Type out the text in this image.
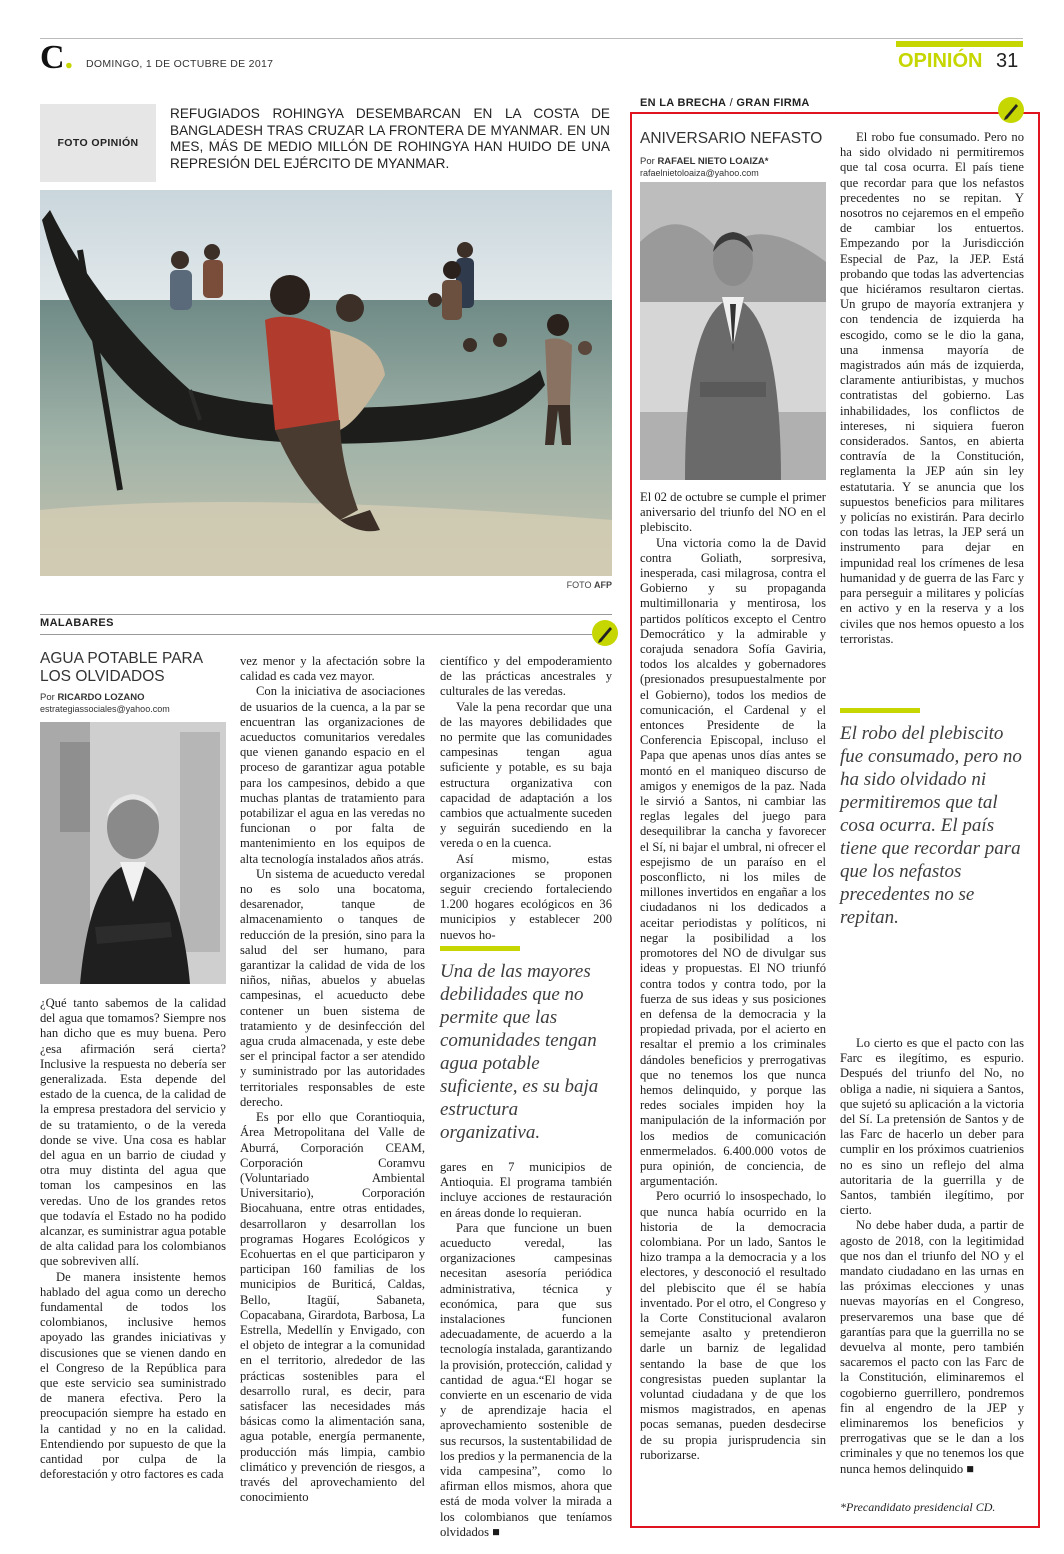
C. DOMINGO, 1 DE OCTUBRE DE 2017	OPINIÓN 31
FOTO OPINIÓN
REFUGIADOS ROHINGYA DESEMBARCAN EN LA COSTA DE BANGLADESH TRAS CRUZAR LA FRONTERA DE MYANMAR. EN UN MES, MÁS DE MEDIO MILLÓN DE ROHINGYA HAN HUIDO DE UNA REPRESIÓN DEL EJÉRCITO DE MYANMAR.
FOTO AFP
MALABARES
AGUA POTABLE PARA LOS OLVIDADOS
Por RICARDO LOZANO
estrategiassociales@yahoo.com

¿Qué tanto sabemos de la calidad del agua que tomamos? Siempre nos han dicho que es muy buena. Pero ¿esa afirmación será cierta? Inclusive la respuesta no debería ser generalizada. Esta depende del estado de la cuenca, de la calidad de la empresa prestadora del servicio y de su tratamiento, o de la vereda donde se vive. Una cosa es hablar del agua en un barrio de ciudad y otra muy distinta del agua que toman los campesinos en las veredas. Uno de los grandes retos que todavía el Estado no ha podido alcanzar, es suministrar agua potable de alta calidad para los colombianos que sobreviven allí.

De manera insistente hemos hablado del agua como un derecho fundamental de todos los colombianos, inclusive hemos apoyado las grandes iniciativas y discusiones que se vienen dando en el Congreso de la República para que este servicio sea suministrado de manera efectiva. Pero la preocupación siempre ha estado en la cantidad y no en la calidad. Entendiendo por supuesto de que la cantidad por culpa de la deforestación y otro factores es cada

vez menor y la afectación sobre la calidad es cada vez mayor.

Con la iniciativa de asociaciones de usuarios de la cuenca, a la par se encuentran las organizaciones de acueductos comunitarios veredales que vienen ganando espacio en el proceso de garantizar agua potable para los campesinos, debido a que muchas plantas de tratamiento para potabilizar el agua en las veredas no funcionan o por falta de mantenimiento en los equipos de alta tecnología instalados años atrás.

Un sistema de acueducto veredal no es solo una bocatoma, desarenador, tanque de almacenamiento o tanques de reducción de la presión, sino para la salud del ser humano, para garantizar la calidad de vida de los niños, niñas, abuelos y abuelas campesinas, el acueducto debe contener un buen sistema de tratamiento y de desinfección del agua cruda almacenada, y este debe ser el principal factor a ser atendido y suministrado por las autoridades territoriales responsables de este derecho.

Es por ello que Corantioquia, Área Metropolitana del Valle de Aburrá, Corporación CEAM, Corporación Coramvu (Voluntariado Ambiental Universitario), Corporación Biocahuana, entre otras entidades, desarrollaron y desarrollan los programas Hogares Ecológicos y Ecohuertas en el que participaron y participan 160 familias de los municipios de Buriticá, Caldas, Bello, Itagüí, Sabaneta, Copacabana, Girardota, Barbosa, La Estrella, Medellín y Envigado, con el objeto de integrar a la comunidad en el territorio, alrededor de las prácticas sostenibles para el desarrollo rural, es decir, para satisfacer las necesidades más básicas como la alimentación sana, agua potable, energía permanente, producción más limpia, cambio climático y prevención de riesgos, a través del aprovechamiento del conocimiento

científico y del empoderamiento de las prácticas ancestrales y culturales de las veredas.

Vale la pena recordar que una de las mayores debilidades que no permite que las comunidades campesinas tengan agua suficiente y potable, es su baja estructura organizativa con capacidad de adaptación a los cambios que actualmente suceden y seguirán sucediendo en la vereda o en la cuenca.

Así mismo, estas organizaciones se proponen seguir creciendo fortaleciendo 1.200 hogares ecológicos en 36 municipios y establecer 200 nuevos ho-

Una de las mayores debilidades que no permite que las comunidades tengan agua potable suficiente, es su baja estructura organizativa.

gares en 7 municipios de Antioquia. El programa también incluye acciones de restauración en áreas donde lo requieran.

Para que funcione un buen acueducto veredal, las organizaciones campesinas necesitan asesoría periódica administrativa, técnica y económica, para que sus instalaciones funcionen adecuadamente, de acuerdo a la tecnología instalada, garantizando la provisión, protección, calidad y cantidad de agua.“El hogar se convierte en un escenario de vida y de aprendizaje hacia el aprovechamiento sostenible de sus recursos, la sustentabilidad de los predios y la permanencia de la vida campesina”, como lo afirman ellos mismos, ahora que está de moda volver la mirada a los colombianos que teníamos olvidados ■

EN LA BRECHA / GRAN FIRMA
ANIVERSARIO NEFASTO
Por RAFAEL NIETO LOAIZA*
rafaelnietoloaiza@yahoo.com

El 02 de octubre se cumple el primer aniversario del triunfo del NO en el plebiscito.

Una victoria como la de David contra Goliath, sorpresiva, inesperada, casi milagrosa, contra el Gobierno y su propaganda multimillonaria y mentirosa, los partidos políticos excepto el Centro Democrático y la admirable y corajuda senadora Sofía Gaviria, todos los alcaldes y gobernadores (presionados presupuestalmente por el Gobierno), todos los medios de comunicación, el Cardenal y el entonces Presidente de la Conferencia Episcopal, incluso el Papa que apenas unos días antes se montó en el maniqueo discurso de amigos y enemigos de la paz. Nada le sirvió a Santos, ni cambiar las reglas legales del juego para desequilibrar la cancha y favorecer el Sí, ni bajar el umbral, ni ofrecer el espejismo de un paraíso en el posconflicto, ni los miles de millones invertidos en engañar a los ciudadanos ni los dedicados a aceitar periodistas y políticos, ni negar la posibilidad a los promotores del NO de divulgar sus ideas y propuestas. El NO triunfó contra todos y contra todo, por la fuerza de sus ideas y sus posiciones en defensa de la democracia y la propiedad privada, por el acierto en resaltar el premio a los criminales dándoles beneficios y prerrogativas que no tenemos los que nunca hemos delinquido, y porque las redes sociales impiden hoy la manipulación de la información por los medios de comunicación enmermelados. 6.400.000 votos de pura opinión, de conciencia, de argumentación.

Pero ocurrió lo insospechado, lo que nunca había ocurrido en la historia de la democracia colombiana. Por un lado, Santos le hizo trampa a la democracia y a los electores, y desconoció el resultado del plebiscito que él se había inventado. Por el otro, el Congreso y la Corte Constitucional avalaron semejante asalto y pretendieron darle un barniz de legalidad sentando la base de que los congresistas pueden suplantar la voluntad ciudadana y de que los mismos magistrados, en apenas pocas semanas, pueden desdecirse de su propia jurisprudencia sin ruborizarse.

El robo fue consumado. Pero no ha sido olvidado ni permitiremos que tal cosa ocurra. El país tiene que recordar para que los nefastos precedentes no se repitan. Y nosotros no cejaremos en el empeño de cambiar los entuertos. Empezando por la Jurisdicción Especial de Paz, la JEP. Está probando que todas las advertencias que hiciéramos resultaron ciertas. Un grupo de mayoría extranjera y con tendencia de izquierda ha escogido, como se le dio la gana, una inmensa mayoría de magistrados aún más de izquierda, claramente antiuribistas, y muchos contratistas del gobierno. Las inhabilidades, los conflictos de intereses, ni siquiera fueron considerados. Santos, en abierta contravía de la Constitución, reglamenta la JEP aún sin ley estatutaria. Y se anuncia que los supuestos beneficios para militares y policías no existirán. Para decirlo con todas las letras, la JEP será un instrumento para dejar en impunidad real los crímenes de lesa humanidad y de guerra de las Farc y para perseguir a militares y policías en activo y en la reserva y a los civiles que nos hemos opuesto a los terroristas.

El robo del plebiscito fue consumado, pero no ha sido olvidado ni permitiremos que tal cosa ocurra. El país tiene que recordar para que los nefastos precedentes no se repitan.

Lo cierto es que el pacto con las Farc es ilegítimo, es espurio. Después del triunfo del No, no obliga a nadie, ni siquiera a Santos, que sujetó su aplicación a la victoria del Sí. La pretensión de Santos y de las Farc de hacerlo un deber para cumplir en los próximos cuatrienios no es sino un reflejo del alma autoritaria de la guerrilla y de Santos, también ilegítimo, por cierto.

No debe haber duda, a partir de agosto de 2018, con la legitimidad que nos dan el triunfo del NO y el mandato ciudadano en las urnas en las próximas elecciones y unas nuevas mayorías en el Congreso, preservaremos una base que dé garantías para que la guerrilla no se devuelva al monte, pero también sacaremos el pacto con las Farc de la Constitución, eliminaremos el cogobierno guerrillero, pondremos fin al engendro de la JEP y eliminaremos los beneficios y prerrogativas que se le dan a los criminales y que no tenemos los que nunca hemos delinquido ■

*Precandidato presidencial CD.
